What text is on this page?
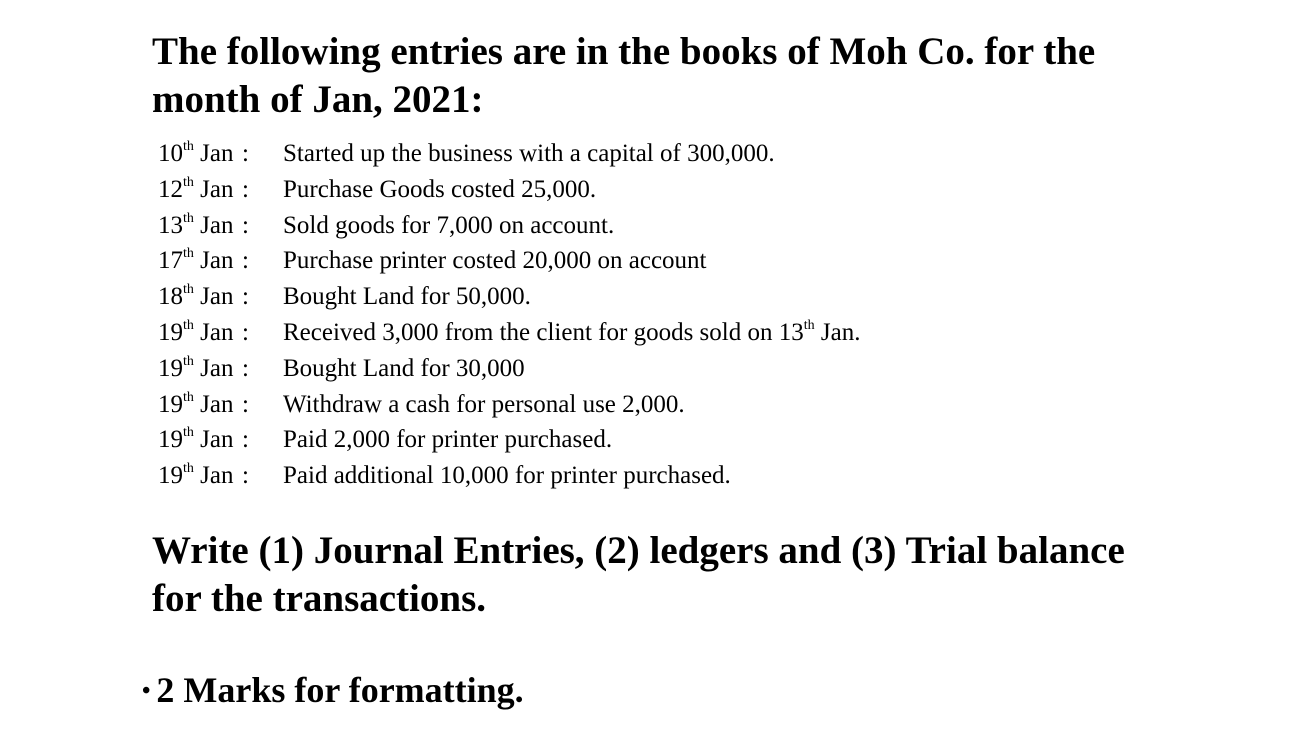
The following entries are in the books of Moh Co. for the month of Jan, 2021:
10th Jan :	Started up the business with a capital of 300,000.
12th Jan :	Purchase Goods costed 25,000.
13th Jan :	Sold goods for 7,000 on account.
17th Jan :	Purchase printer costed 20,000 on account
18th Jan :	Bought Land for 50,000.
19th Jan :	Received 3,000 from the client for goods sold on 13th Jan.
19th Jan :	Bought Land for 30,000
19th Jan :	Withdraw a cash for personal use 2,000.
19th Jan :	Paid 2,000 for printer purchased.
19th Jan :	Paid additional 10,000 for printer purchased.
Write (1) Journal Entries, (2) ledgers and (3) Trial balance for the transactions.
• 2 Marks for formatting.
